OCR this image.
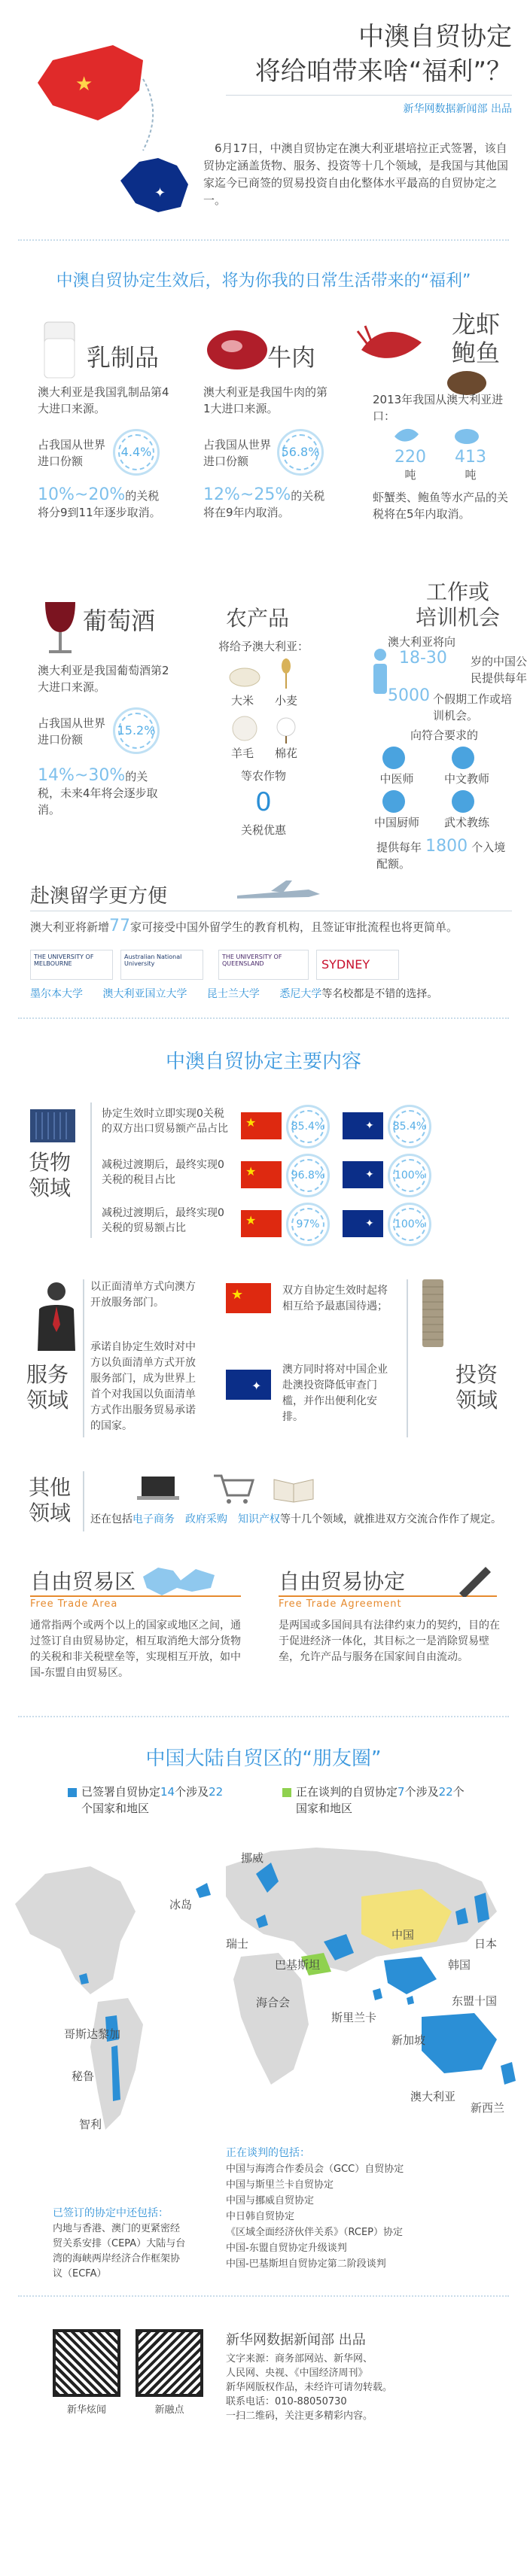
★
✦
中澳自贸协定
将给咱带来啥“福利”？
新华网数据新闻部 出品
6月17日，中澳自贸协定在澳大利亚堪培拉正式签署，该自贸协定涵盖货物、服务、投资等十几个领域，是我国与其他国家迄今已商签的贸易投资自由化整体水平最高的自贸协定之一。
中澳自贸协定生效后，将为你我的日常生活带来的“福利”
乳制品
澳大利亚是我国乳制品第4大进口来源。
占我国从世界进口份额
4.4%
10%~20%的关税将分9到11年逐步取消。
牛肉
澳大利亚是我国牛肉的第1大进口来源。
占我国从世界进口份额
56.8%
12%~25%的关税将在9年内取消。
龙虾
鲍鱼
2013年我国从澳大利亚进口：
220
吨
413
吨
虾蟹类、鲍鱼等水产品的关税将在5年内取消。
葡萄酒
澳大利亚是我国葡萄酒第2大进口来源。
占我国从世界进口份额
15.2%
14%~30%的关税，未来4年将会逐步取消。
农产品
将给予澳大利亚：
大米	小麦
羊毛	棉花
等农作物
0
关税优惠
工作或
培训机会
澳大利亚将向
18-30 岁的中国公民提供每年
5000 个假期工作或培训机会。
向符合要求的
中医师	中文教师
中国厨师	武术教练
提供每年 1800 个入境配额。
赴澳留学更方便
澳大利亚将新增77家可接受中国外留学生的教育机构，且签证审批流程也将更简单。
THE UNIVERSITY OF MELBOURNE
Australian National University
THE UNIVERSITY OF QUEENSLAND	SYDNEY
墨尔本大学 澳大利亚国立大学 昆士兰大学 悉尼大学等名校都是不错的选择。
中澳自贸协定主要内容
货物
领域
协定生效时立即实现0关税的双方出口贸易额产品占比	★	85.4%	✦ 85.4%
减税过渡期后，最终实现0关税的税目占比
★	96.8%	✦	100%
减税过渡期后，最终实现0关税的贸易额占比
★	97%	✦	100%
服务
领域
以正面清单方式向澳方开放服务部门。
承诺自协定生效时对中方以负面清单方式开放服务部门，成为世界上首个对我国以负面清单方式作出服务贸易承诺的国家。
★
✦
双方自协定生效时起将相互给予最惠国待遇；
澳方同时将对中国企业赴澳投资降低审查门槛，并作出便利化安排。
投资
领域
其他
领域 还在包括电子商务 政府采购 知识产权等十几个领域，就推进双方交流合作作了规定。
自由贸易区
Free Trade Area
通常指两个或两个以上的国家或地区之间，通过签订自由贸易协定，相互取消绝大部分货物的关税和非关税壁垒等，实现相互开放，如中国-东盟自由贸易区。
自由贸易协定
Free Trade Agreement
是两国或多国间具有法律约束力的契约，目的在于促进经济一体化，其目标之一是消除贸易壁垒，允许产品与服务在国家间自由流动。
中国大陆自贸区的“朋友圈”
已签署自贸协定14个涉及22个国家和地区
正在谈判的自贸协定7个涉及22个国家和地区
挪威
冰岛
瑞士
巴基斯坦
海合会
日本
韩国
中国
东盟十国
斯里兰卡
新加坡
哥斯达黎加
秘鲁
智利
澳大利亚
新西兰
已签订的协定中还包括：
内地与香港、澳门的更紧密经贸关系安排（CEPA）大陆与台湾的海峡两岸经济合作框架协议（ECFA）
正在谈判的包括：
中国与海湾合作委员会（GCC）自贸协定
中国与斯里兰卡自贸协定
中国与挪威自贸协定
中日韩自贸协定
《区域全面经济伙伴关系》（RCEP）协定
中国-东盟自贸协定升级谈判
中国-巴基斯坦自贸协定第二阶段谈判
新华炫闻	新融点
新华网数据新闻部 出品
文字来源：商务部网站、新华网、
人民网、央视、《中国经济周刊》
新华网版权作品，未经许可请勿转载。
联系电话：010-88050730
一扫二维码，关注更多精彩内容。
